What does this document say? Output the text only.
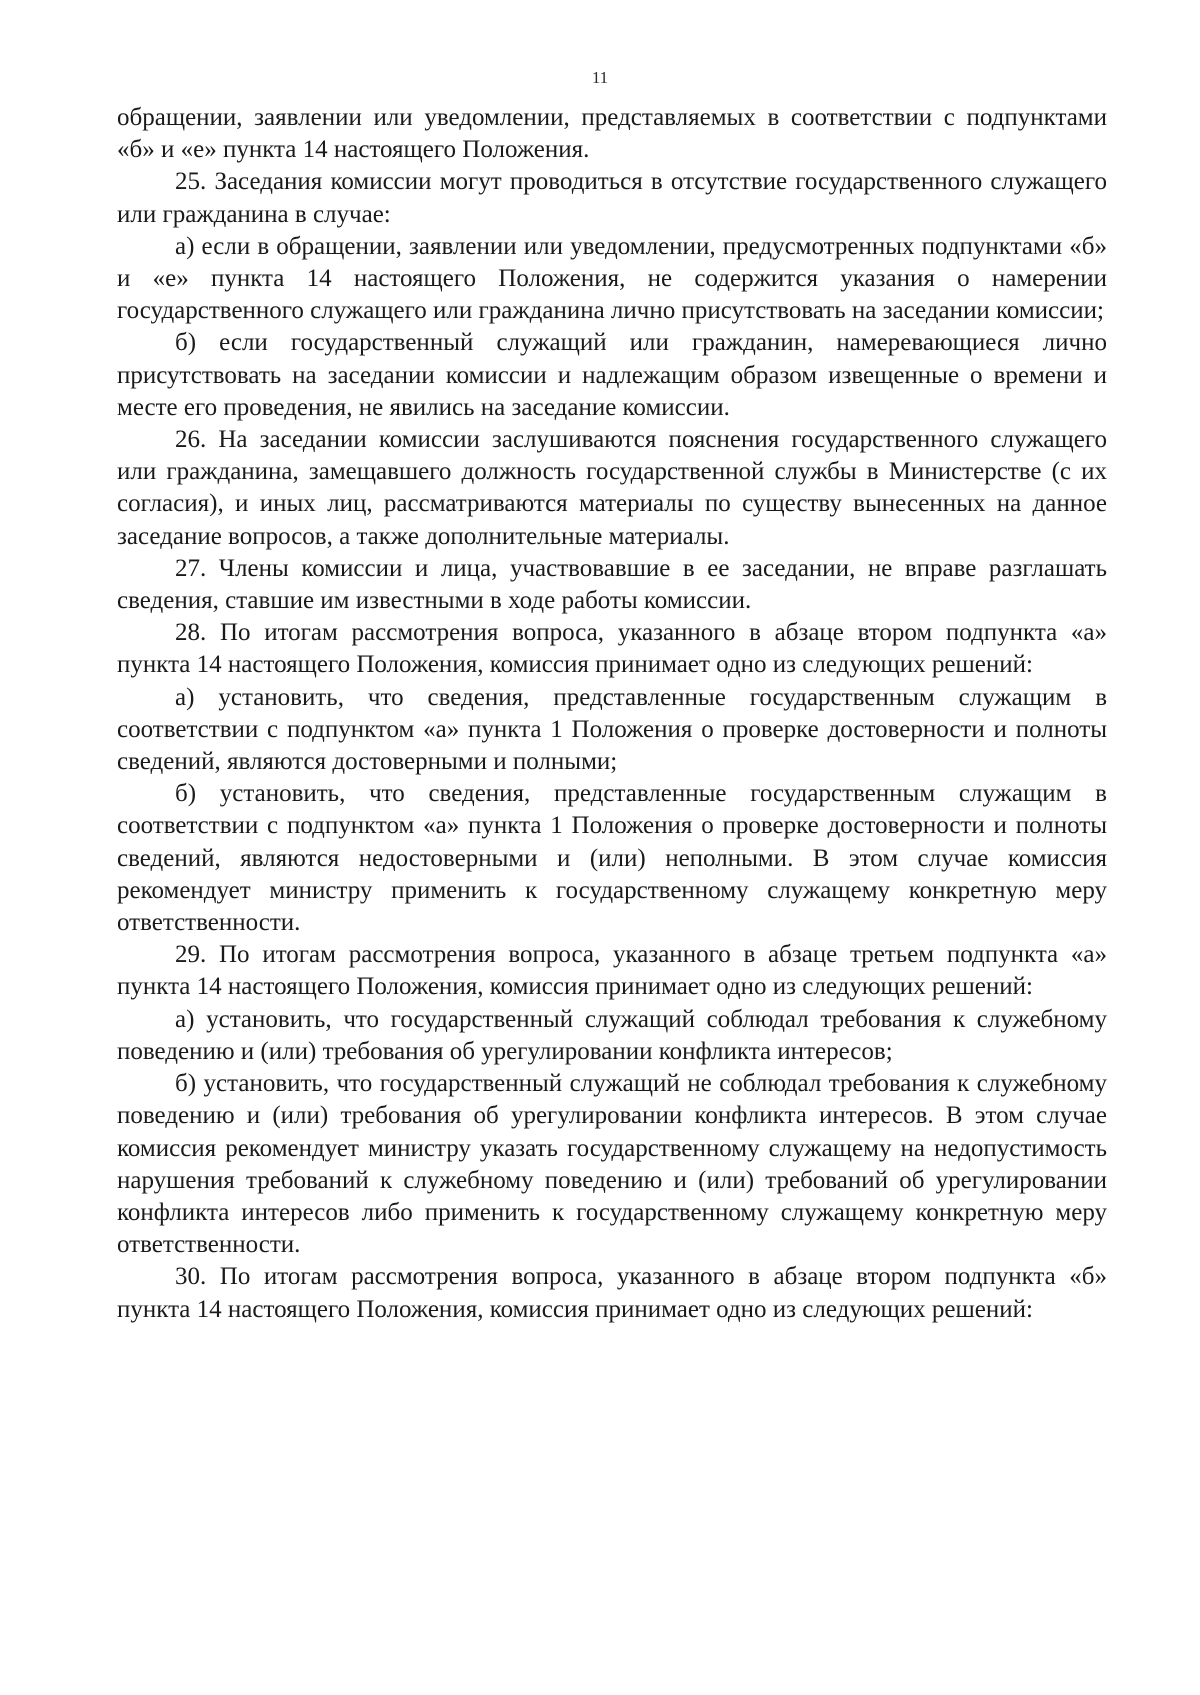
11

обращении, заявлении или уведомлении, представляемых в соответствии с подпунктами «б» и «е» пункта 14 настоящего Положения.

25. Заседания комиссии могут проводиться в отсутствие государственного служащего или гражданина в случае:

а) если в обращении, заявлении или уведомлении, предусмотренных подпунктами «б» и «е» пункта 14 настоящего Положения, не содержится указания о намерении государственного служащего или гражданина лично присутствовать на заседании комиссии;

б) если государственный служащий или гражданин, намеревающиеся лично присутствовать на заседании комиссии и надлежащим образом извещенные о времени и месте его проведения, не явились на заседание комиссии.

26. На заседании комиссии заслушиваются пояснения государственного служащего или гражданина, замещавшего должность государственной службы в Министерстве (с их согласия), и иных лиц, рассматриваются материалы по существу вынесенных на данное заседание вопросов, а также дополнительные материалы.

27. Члены комиссии и лица, участвовавшие в ее заседании, не вправе разглашать сведения, ставшие им известными в ходе работы комиссии.

28. По итогам рассмотрения вопроса, указанного в абзаце втором подпункта «а» пункта 14 настоящего Положения, комиссия принимает одно из следующих решений:

а) установить, что сведения, представленные государственным служащим в соответствии с подпунктом «а» пункта 1 Положения о проверке достоверности и полноты сведений, являются достоверными и полными;

б) установить, что сведения, представленные государственным служащим в соответствии с подпунктом «а» пункта 1 Положения о проверке достоверности и полноты сведений, являются недостоверными и (или) неполными. В этом случае комиссия рекомендует министру применить к государственному служащему конкретную меру ответственности.

29. По итогам рассмотрения вопроса, указанного в абзаце третьем подпункта «а» пункта 14 настоящего Положения, комиссия принимает одно из следующих решений:

а) установить, что государственный служащий соблюдал требования к служебному поведению и (или) требования об урегулировании конфликта интересов;

б) установить, что государственный служащий не соблюдал требования к служебному поведению и (или) требования об урегулировании конфликта интересов. В этом случае комиссия рекомендует министру указать государственному служащему на недопустимость нарушения требований к служебному поведению и (или) требований об урегулировании конфликта интересов либо применить к государственному служащему конкретную меру ответственности.

30. По итогам рассмотрения вопроса, указанного в абзаце втором подпункта «б» пункта 14 настоящего Положения, комиссия принимает одно из следующих решений:
